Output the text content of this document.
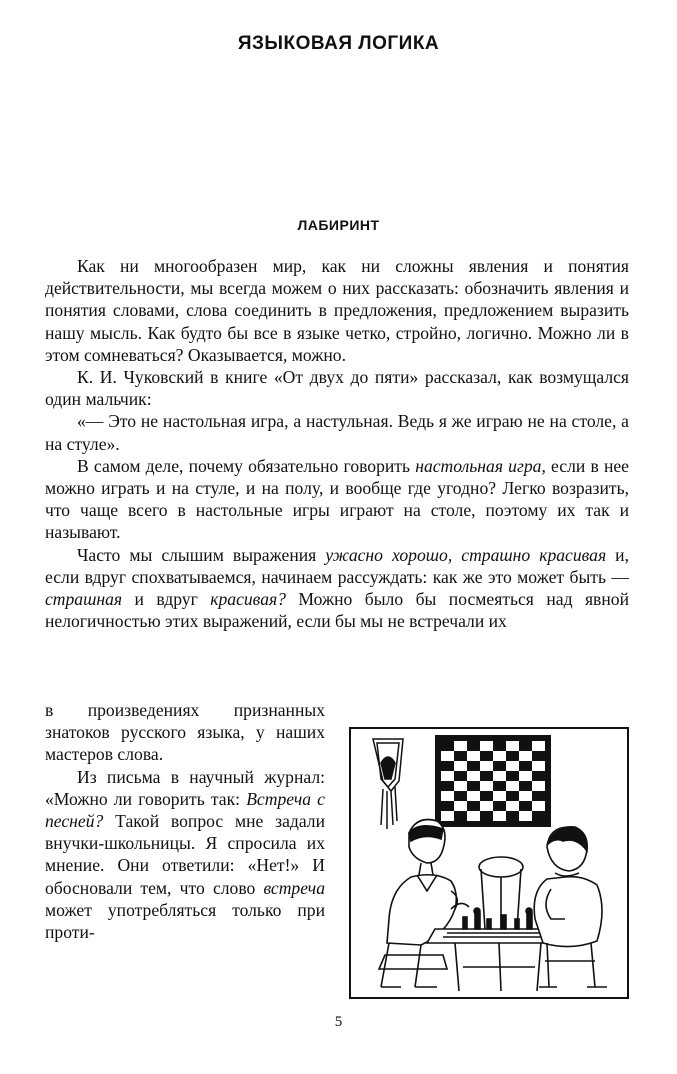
ЯЗЫКОВАЯ ЛОГИКА
ЛАБИРИНТ

Как ни многообразен мир, как ни сложны явления и понятия действительности, мы всегда можем о них рассказать: обозначить явления и понятия словами, слова соединить в предложения, предложением выразить нашу мысль. Как будто бы все в языке четко, стройно, логично. Можно ли в этом сомневаться? Оказывается, можно.

К. И. Чуковский в книге «От двух до пяти» рассказал, как возмущался один мальчик:

«— Это не настольная игра, а настульная. Ведь я же играю не на столе, а на стуле».

В самом деле, почему обязательно говорить настольная игра, если в нее можно играть и на стуле, и на полу, и вообще где угодно? Легко возразить, что чаще всего в настольные игры играют на столе, поэтому их так и называют.

Часто мы слышим выражения ужасно хорошо, страшно красивая и, если вдруг спохватываемся, начинаем рассуждать: как же это может быть — страшная и вдруг красивая? Можно было бы посмеяться над явной нелогичностью этих выражений, если бы мы не встречали их

в произведениях признанных знатоков русского языка, у наших мастеров слова.

Из письма в научный журнал: «Можно ли говорить так: Встреча с песней? Такой вопрос мне задали внучки-школьницы. Я спросила их мнение. Они ответили: «Нет!» И обосновали тем, что слово встреча может употребляться только при проти-

5
